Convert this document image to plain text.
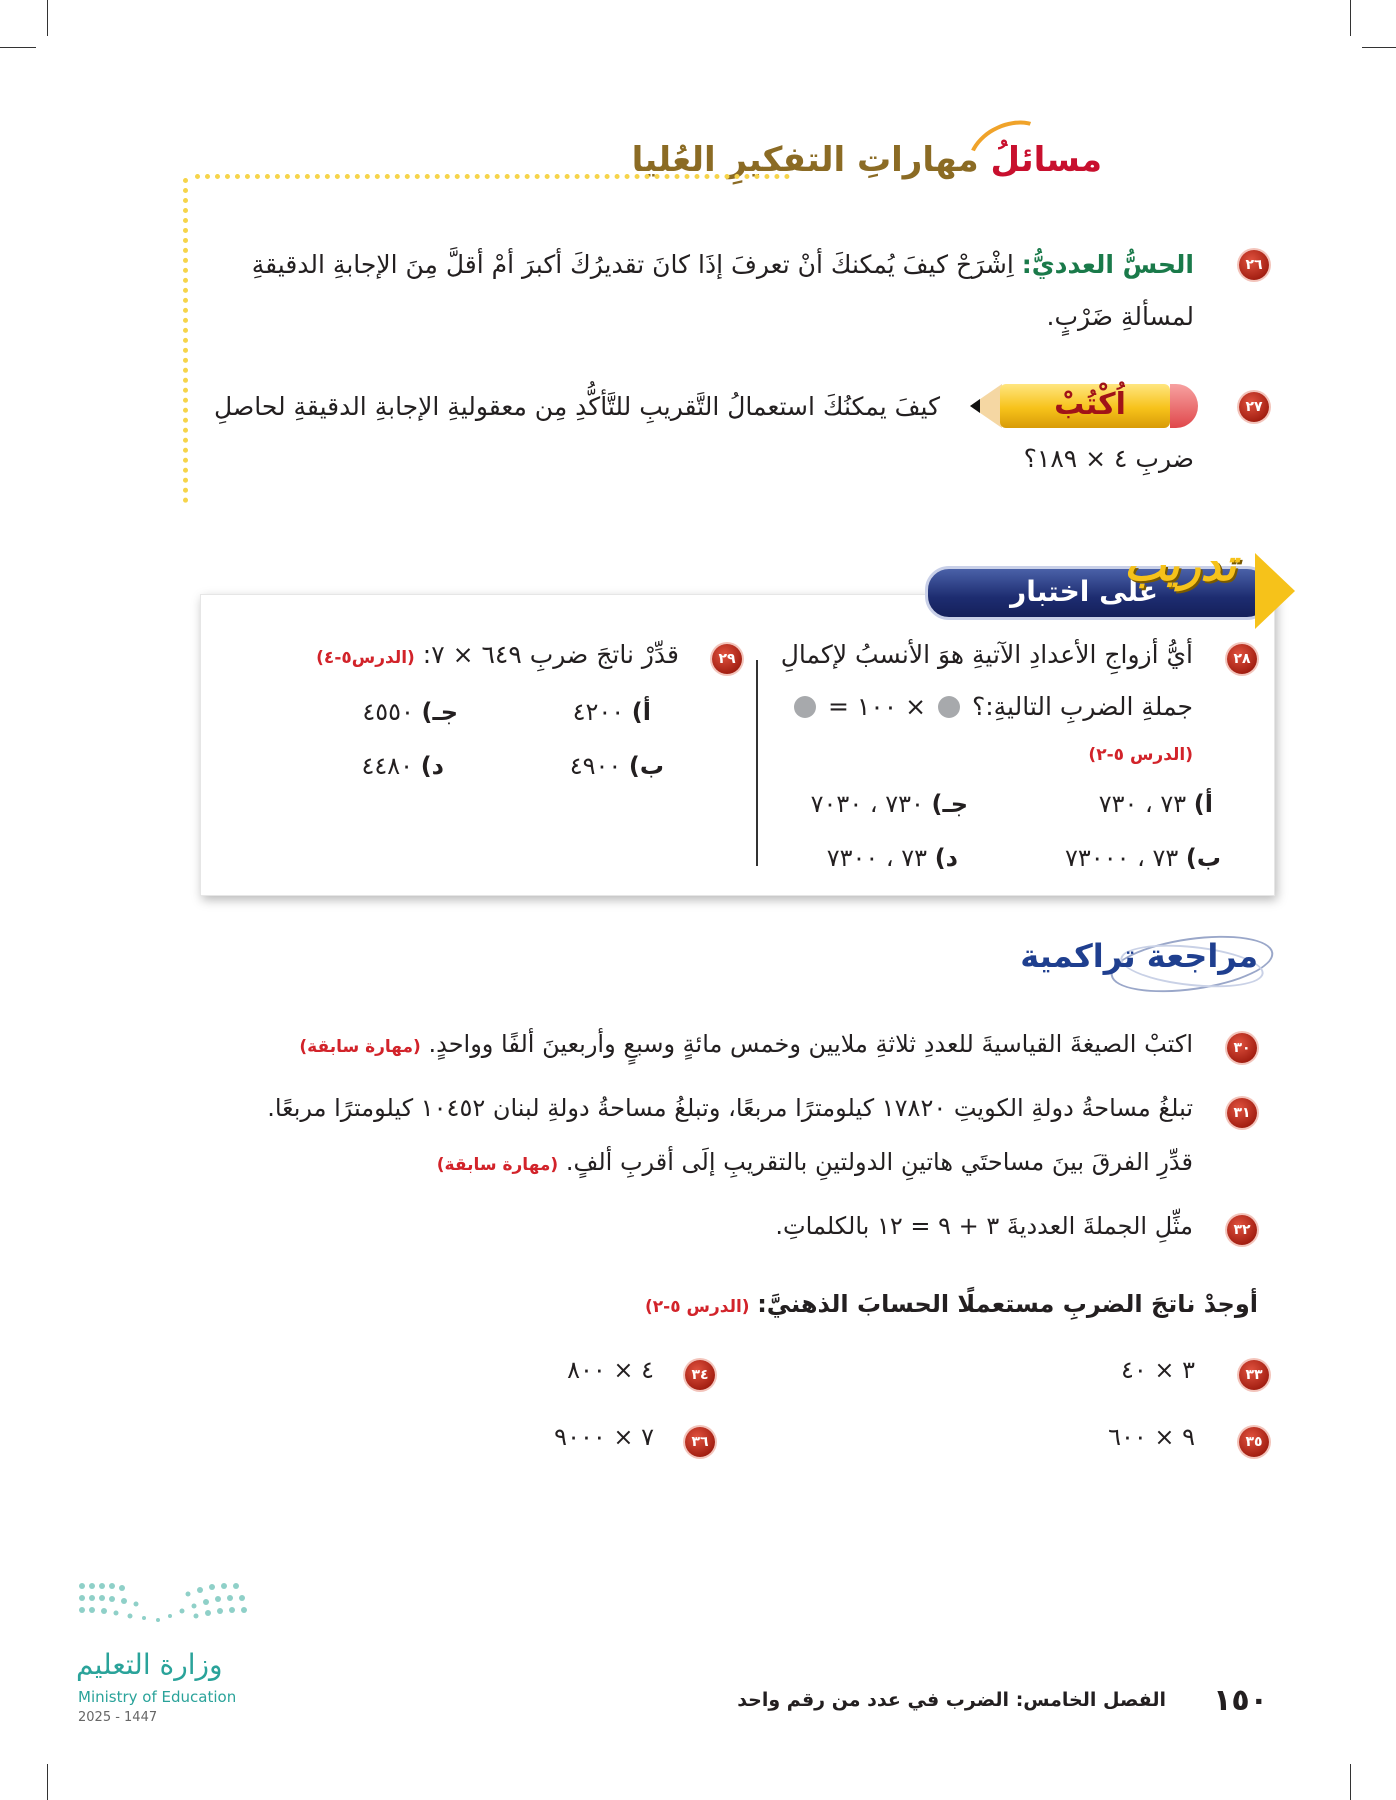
مسائلُ مهاراتِ التفكيرِ العُليا
٢٦
الحسُّ العدديُّ: اِشْرَحْ كيفَ يُمكنكَ أنْ تعرفَ إذَا كانَ تقديرُكَ أكبرَ أمْ أقلَّ مِنَ الإجابةِ الدقيقةِ
لمسألةِ ضَرْبٍ.
٢٧
اُكْتُبْ
كيفَ يمكنُكَ استعمالُ التَّقريبِ للتَّأكُّدِ مِن معقوليةِ الإجابةِ الدقيقةِ لحاصلِ
ضربِ ٤ × ١٨٩؟
على اختبار
تدريب
٢٨
أيُّ أزواجِ الأعدادِ الآتيةِ هوَ الأنسبُ لإكمالِ
جملةِ الضربِ التاليةِ:؟  × ١٠٠ =
(الدرس ٥-٢)
أ) ٧٣ ، ٧٣٠
جـ) ٧٣٠ ، ٧٠٣٠
ب) ٧٣ ، ٧٣٠٠٠
د) ٧٣ ، ٧٣٠٠
٢٩
قدِّرْ ناتجَ ضربِ ٦٤٩ × ٧: (الدرس٥-٤)
أ) ٤٢٠٠
جـ) ٤٥٥٠
ب) ٤٩٠٠
د) ٤٤٨٠
مراجعة تراكمية
٣٠
اكتبْ الصيغةَ القياسيةَ للعددِ ثلاثةِ ملايين وخمس مائةٍ وسبعٍ وأربعينَ ألفًا وواحدٍ. (مهارة سابقة)
٣١
تبلغُ مساحةُ دولةِ الكويتِ ١٧٨٢٠ كيلومترًا مربعًا، وتبلغُ مساحةُ دولةِ لبنان ١٠٤٥٢ كيلومترًا مربعًا.
قدِّرِ الفرقَ بينَ مساحتَي هاتينِ الدولتينِ بالتقريبِ إلَى أقربِ ألفٍ. (مهارة سابقة)
٣٢
مثِّلِ الجملةَ العدديةَ ٣ + ٩ = ١٢ بالكلماتِ.
أوجدْ ناتجَ الضربِ مستعملًا الحسابَ الذهنيَّ: (الدرس ٥-٢)
٣٣
٣ × ٤٠
٣٤
٤ × ٨٠٠
٣٥
٩ × ٦٠٠
٣٦
٧ × ٩٠٠٠
وزارة التعليم
Ministry of Education
2025 - 1447
الفصل الخامس: الضرب في عدد من رقم واحد	١٥٠
